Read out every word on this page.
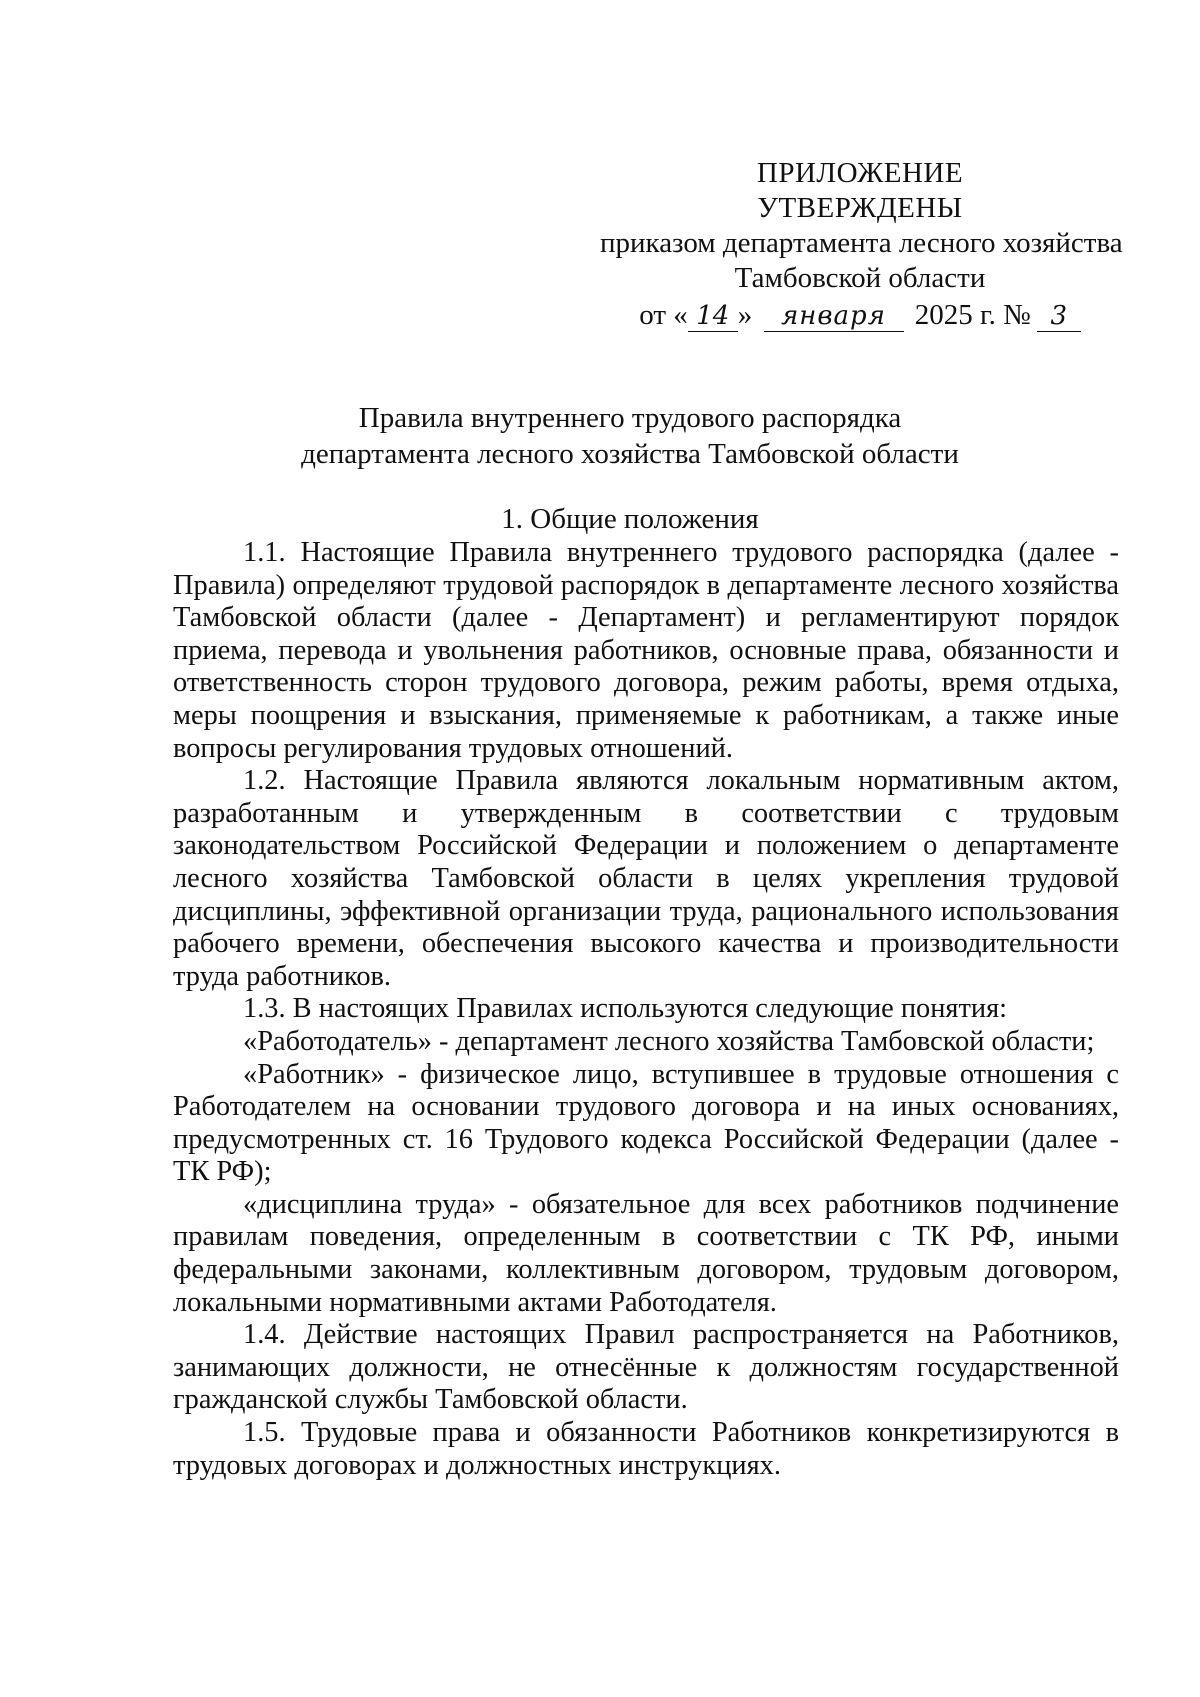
ПРИЛОЖЕНИЕ
УТВЕРЖДЕНЫ
приказом департамента лесного хозяйства
Тамбовской области
от « 14 » января 2025 г. № 3
Правила внутреннего трудового распорядка
департамента лесного хозяйства Тамбовской области
1. Общие положения

1.1. Настоящие Правила внутреннего трудового распорядка (далее - Правила) определяют трудовой распорядок в департаменте лесного хозяйства Тамбовской области (далее - Департамент) и регламентируют порядок приема, перевода и увольнения работников, основные права, обязанности и ответственность сторон трудового договора, режим работы, время отдыха, меры поощрения и взыскания, применяемые к работникам, а также иные вопросы регулирования трудовых отношений.

1.2. Настоящие Правила являются локальным нормативным актом, разработанным и утвержденным в соответствии с трудовым законодательством Российской Федерации и положением о департаменте лесного хозяйства Тамбовской области в целях укрепления трудовой дисциплины, эффективной организации труда, рационального использования рабочего времени, обеспечения высокого качества и производительности труда работников.

1.3. В настоящих Правилах используются следующие понятия:

«Работодатель» - департамент лесного хозяйства Тамбовской области;

«Работник» - физическое лицо, вступившее в трудовые отношения с Работодателем на основании трудового договора и на иных основаниях, предусмотренных ст. 16 Трудового кодекса Российской Федерации (далее - ТК РФ);

«дисциплина труда» - обязательное для всех работников подчинение правилам поведения, определенным в соответствии с ТК РФ, иными федеральными законами, коллективным договором, трудовым договором, локальными нормативными актами Работодателя.

1.4. Действие настоящих Правил распространяется на Работников, занимающих должности, не отнесённые к должностям государственной гражданской службы Тамбовской области.

1.5. Трудовые права и обязанности Работников конкретизируются в трудовых договорах и должностных инструкциях.
